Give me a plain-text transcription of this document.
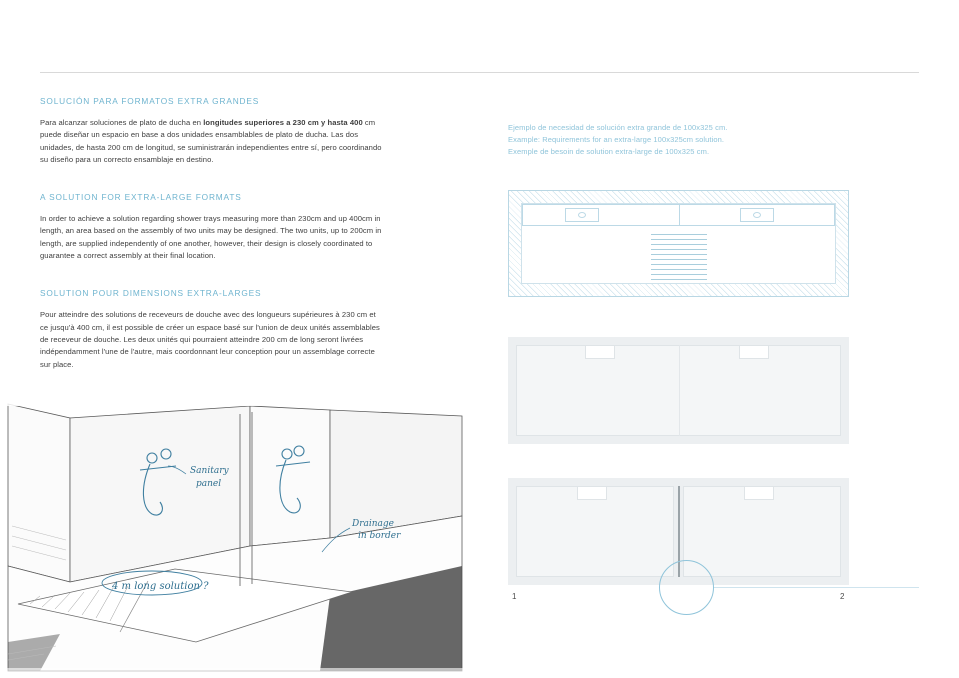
SOLUCIÓN PARA FORMATOS EXTRA GRANDES

Para alcanzar soluciones de plato de ducha en longitudes superiores a 230 cm y hasta 400 cm puede diseñar un espacio en base a dos unidades ensamblables de plato de ducha. Las dos unidades, de hasta 200 cm de longitud, se suministrarán independientes entre sí, pero coordinando su diseño para un correcto ensamblaje en destino.

A SOLUTION FOR EXTRA-LARGE FORMATS

In order to achieve a solution regarding shower trays measuring more than 230cm and up 400cm in length, an area based on the assembly of two units may be designed. The two units, up to 200cm in length, are supplied independently of one another, however, their design is closely coordinated to guarantee a correct assembly at their final location.

SOLUTION POUR DIMENSIONS EXTRA-LARGES

Pour atteindre des solutions de receveurs de douche avec des longueurs supérieures à 230 cm et ce jusqu'à 400 cm, il est possible de créer un espace basé sur l'union de deux unités assemblables de receveur de douche. Les deux unités qui pourraient atteindre 200 cm de long seront livrées indépendamment l'une de l'autre, mais coordonnant leur conception pour un assemblage correcte sur place.

Ejemplo de necesidad de solución extra grande de 100x325 cm.
Example: Requirements for an extra-large 100x325cm solution.
Exemple de besoin de solution extra-large de 100x325 cm.
1	2
Sanitary
panel
Drainage
in border
4 m long solution ?
